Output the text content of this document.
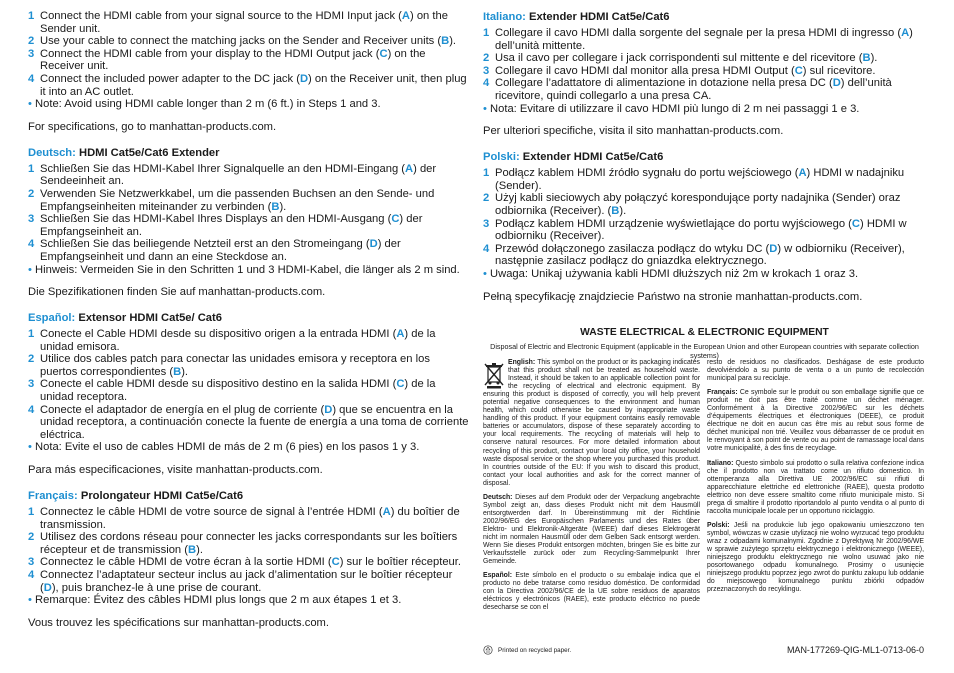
1 Connect the HDMI cable from your signal source to the HDMI Input jack (A) on the Sender unit.

2 Use your cable to connect the matching jacks on the Sender and Receiver units (B).

3 Connect the HDMI cable from your display to the HDMI Output jack (C) on the Receiver unit.

4 Connect the included power adapter to the DC jack (D) on the Receiver unit, then plug it into an AC outlet.

• Note: Avoid using HDMI cable longer than 2 m (6 ft.) in Steps 1 and 3.

For specifications, go to manhattan-products.com.

Deutsch: HDMI Cat5e/Cat6 Extender

1 Schließen Sie das HDMI-Kabel Ihrer Signalquelle an den HDMI-Eingang (A) der Sendeeinheit an.

2 Verwenden Sie Netzwerkkabel, um die passenden Buchsen an den Sende- und Empfangseinheiten miteinander zu verbinden (B).

3 Schließen Sie das HDMI-Kabel Ihres Displays an den HDMI-Ausgang (C) der Empfangseinheit an.

4 Schließen Sie das beiliegende Netzteil erst an den Stromeingang (D) der Empfangseinheit und dann an eine Steckdose an.

• Hinweis: Vermeiden Sie in den Schritten 1 und 3 HDMI-Kabel, die länger als 2 m sind.

Die Spezifikationen finden Sie auf manhattan-products.com.

Español: Extensor HDMI Cat5e/ Cat6

1 Conecte el Cable HDMI desde su dispositivo origen a la entrada HDMI (A) de la unidad emisora.

2 Utilice dos cables patch para conectar las unidades emisora y receptora en los puertos correspondientes (B).

3 Conecte el cable HDMI desde su dispositivo destino en la salida HDMI (C) de la unidad receptora.

4 Conecte el adaptador de energía en el plug de corriente (D) que se encuentra en la unidad receptora, a continuación conecte la fuente de energía a una toma de corriente eléctrica.

• Nota: Evite el uso de cables HDMI de más de 2 m (6 pies) en los pasos 1 y 3.

Para más especificaciones, visite manhattan-products.com.

Français: Prolongateur HDMI Cat5e/Cat6

1 Connectez le câble HDMI de votre source de signal à l’entrée HDMI (A) du boîtier de transmission.

2 Utilisez des cordons réseau pour connecter les jacks correspondants sur les boîtiers récepteur et de transmission (B).

3 Connectez le câble HDMI de votre écran à la sortie HDMI (C) sur le boîtier récepteur.

4 Connectez l’adaptateur secteur inclus au jack d’alimentation sur le boîtier récepteur (D), puis branchez-le à une prise de courant.

• Remarque: Évitez des câbles HDMI plus longs que 2 m aux étapes 1 et 3.

Vous trouvez les spécifications sur manhattan-products.com.

Italiano: Extender HDMI Cat5e/Cat6

1 Collegare il cavo HDMI dalla sorgente del segnale per la presa HDMI di ingresso (A) dell’unità mittente.

2 Usa il cavo per collegare i jack corrispondenti sul mittente e del ricevitore (B).

3 Collegare il cavo HDMI dal monitor alla presa HDMI Output (C) sul ricevitore.

4 Collegare l’adattatore di alimentazione in dotazione nella presa DC (D) dell’unità ricevitore, quindi collegarlo a una presa CA.

• Nota: Evitare di utilizzare il cavo HDMI più lungo di 2 m nei passaggi 1 e 3.

Per ulteriori specifiche, visita il sito manhattan-products.com.

Polski: Extender HDMI Cat5e/Cat6

1 Podłącz kablem HDMI źródło sygnału do portu wejściowego (A) HDMI w nadajniku (Sender).

2 Użyj kabli sieciowych aby połączyć korespondujące porty nadajnika (Sender) oraz odbiornika (Receiver). (B).

3 Podłącz kablem HDMI urządzenie wyświetlające do portu wyjściowego (C) HDMI w odbiorniku (Receiver).

4 Przewód dołączonego zasilacza podłącz do wtyku DC (D) w odbiorniku (Receiver), następnie zasilacz podłącz do gniazdka elektrycznego.

• Uwaga: Unikaj używania kabli HDMI dłuższych niż 2m w krokach 1 oraz 3.

Pełną specyfikację znajdziecie Państwo na stronie manhattan-products.com.

WASTE ELECTRICAL & ELECTRONIC EQUIPMENT
Disposal of Electric and Electronic Equipment (applicable in the European Union and other European countries with separate collection systems)

English: This symbol on the product or its packaging indicates that this product shall not be treated as household waste. Instead, it should be taken to an applicable collection point for the recycling of electrical and electronic equipment. By ensuring this product is disposed of correctly, you will help prevent potential negative consequences to the environment and human health, which could otherwise be caused by inappropriate waste handling of this product. If your equipment contains easily removable batteries or accumulators, dispose of these separately according to your local requirements. The recycling of materials will help to conserve natural resources. For more detailed information about recycling of this product, contact your local city office, your household waste disposal service or the shop where you purchased this product. In countries outside of the EU: If you wish to discard this product, contact your local authorities and ask for the correct manner of disposal.

Deutsch: Dieses auf dem Produkt oder der Verpackung angebrachte Symbol zeigt an, dass dieses Produkt nicht mit dem Hausmüll entsorgtwerden darf. In Übereinstimmung mit der Richtlinie 2002/96/EG des Europäischen Parlaments und des Rates über Elektro- und Elektronik-Altgeräte (WEEE) darf dieses Elektrogerät nicht im normalen Hausmüll oder dem Gelben Sack entsorgt werden. Wenn Sie dieses Produkt entsorgen möchten, bringen Sie es bitte zur Verkaufsstelle zurück oder zum Recycling-Sammelpunkt Ihrer Gemeinde.

Español: Este símbolo en el producto o su embalaje indica que el producto no debe tratarse como residuo doméstico. De conformidad con la Directiva 2002/96/CE de la UE sobre residuos de aparatos eléctricos y electrónicos (RAEE), este producto eléctrico no puede desecharse se con el

resto de residuos no clasificados. Deshágase de este producto devolviéndolo a su punto de venta o a un punto de recolección municipal para su reciclaje.

Français: Ce symbole sur le produit ou son emballage signifie que ce produit ne doit pas être traité comme un déchet ménager. Conformément à la Directive 2002/96/EC sur les déchets d’équipements électriques et électroniques (DEEE), ce produit électrique ne doit en aucun cas être mis au rebut sous forme de déchet municipal non trié. Veuillez vous débarrasser de ce produit en le renvoyant à son point de vente ou au point de ramassage local dans votre municipalité, à des fins de recyclage.

Italiano: Questo simbolo sui prodotto o sulla relativa confezione indica che il prodotto non va trattato come un rifiuto domestico. In ottemperanza alla Direttiva UE 2002/96/EC sui rifiuti di apparecchiature elettriche ed elettroniche (RAEE), questa prodotto elettrico non deve essere smaltito come rifiuto municipale misto. Si prega di smaltire il prodotto riportandolo al punto vendita o al punto di raccolta municipale locale per un opportuno riciclaggio.

Polski: Jeśli na produkcie lub jego opakowaniu umieszczono ten symbol, wówczas w czasie utylizacji nie wolno wyrzucać tego produktu wraz z odpadami komunalnymi. Zgodnie z Dyrektywą Nr 2002/96/WE w sprawie zużytego sprzętu elektrycznego i elektronicznego (WEEE), niniejszego produktu elektrycznego nie wolno usuwać jako nie posortowanego odpadu komunalnego. Prosimy o usunięcie niniejszego produktu poprzez jego zwrot do punktu zakupu lub oddanie do miejscowego komunalnego punktu zbiórki odpadów przeznaczonych do recyklingu.

Printed on recycled paper.	MAN-177269-QIG-ML1-0713-06-0
